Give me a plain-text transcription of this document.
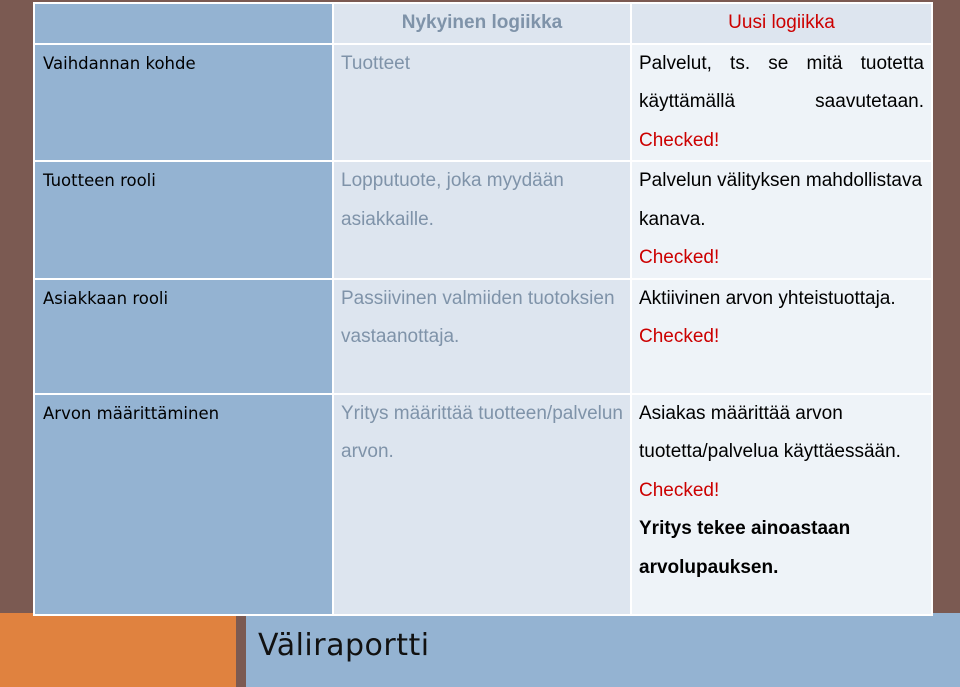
Väliraportti
	Nykyinen logiikka	Uusi logiikka
Vaihdannan kohde	Tuotteet	Palvelut, ts. se mitä tuotetta
käyttämällä saavutetaan.
Checked!

Tuotteen rooli	Lopputuote, joka myydään asiakkaille.	Palvelun välityksen mahdollistava kanava.
Checked!

Asiakkaan rooli	Passiivinen valmiiden tuotoksien vastaanottaja.	Aktiivinen arvon yhteistuottaja.
Checked!

Arvon määrittäminen	Yritys määrittää tuotteen/palvelun arvon.	Asiakas määrittää arvon tuotetta/palvelua käyttäessään.
Checked!
Yritys tekee ainoastaan arvolupauksen.
